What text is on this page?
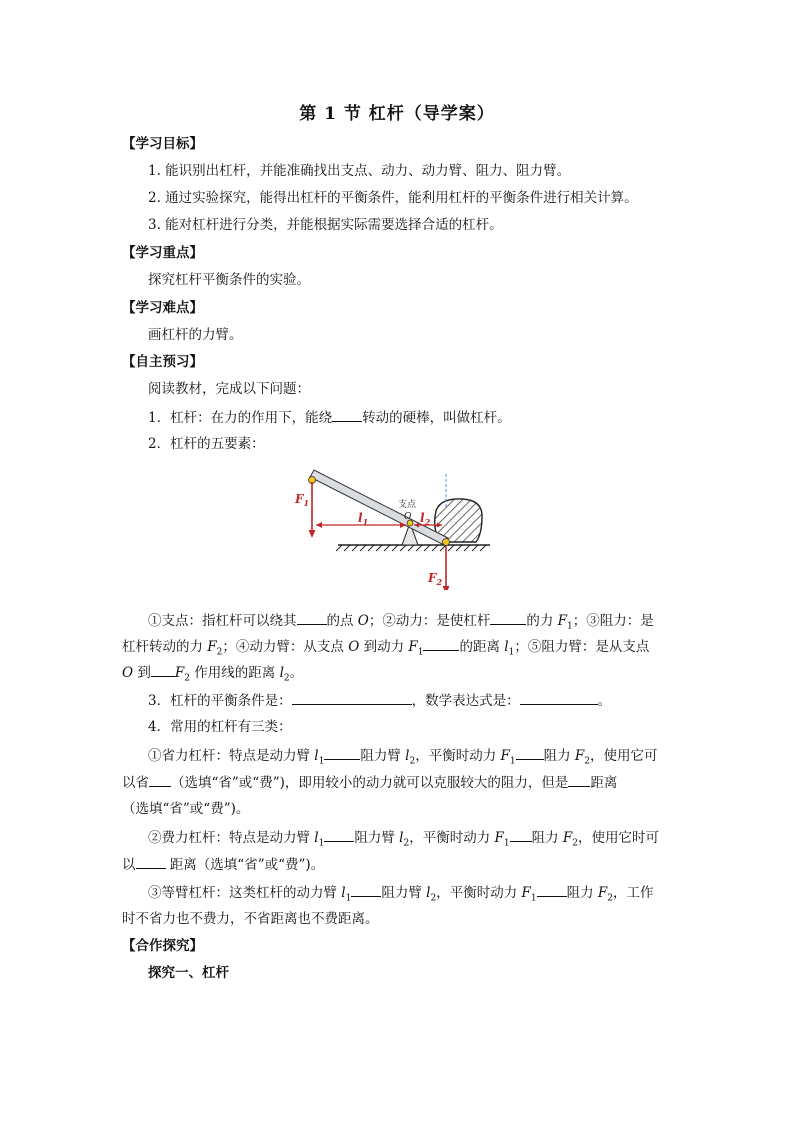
第 1 节 杠杆（导学案）
【学习目标】
1. 能识别出杠杆，并能准确找出支点、动力、动力臂、阻力、阻力臂。
2. 通过实验探究，能得出杠杆的平衡条件，能利用杠杆的平衡条件进行相关计算。
3. 能对杠杆进行分类，并能根据实际需要选择合适的杠杆。
【学习重点】
探究杠杆平衡条件的实验。
【学习难点】
画杠杆的力臂。
【自主预习】
阅读教材，完成以下问题：
1．杠杆：在力的作用下，能绕 转动的硬棒，叫做杠杆。
2．杠杆的五要素：
$F_1$
$l_1$
支点
O $l_2$
$F_2$
①支点：指杠杆可以绕其 的点 O；②动力：是使杠杆	的力 $F_1$；③阻力：是
杠杆转动的力 $F_2$；④动力臂：从支点 O 到动力 $F_1$	的距离 $l_1$；⑤阻力臂：是从支点
O 到 $F_2$ 作用线的距离 $l_2$。
3．杠杆的平衡条件是：	，数学表达式是：	。
4．常用的杠杆有三类：
①省力杠杆：特点是动力臂 $l_1$	阻力臂 $l_2$，平衡时动力 $F_1$ 阻力 $F_2$，使用它可
以省 （选填“省”或“费”)，即用较小的动力就可以克服较大的阻力，但是 距离
（选填“省”或“费”)。
②费力杠杆：特点是动力臂 $l_1$ 阻力臂 $l_2$，平衡时动力 $F_1$ 阻力 $F_2$，使用它时可
以 距离（选填“省”或“费”)。
③等臂杠杆：这类杠杆的动力臂 $l_1$ 阻力臂 $l_2$，平衡时动力 $F_1$ 阻力 $F_2$，工作
时不省力也不费力，不省距离也不费距离。
【合作探究】
探究一、杠杆
